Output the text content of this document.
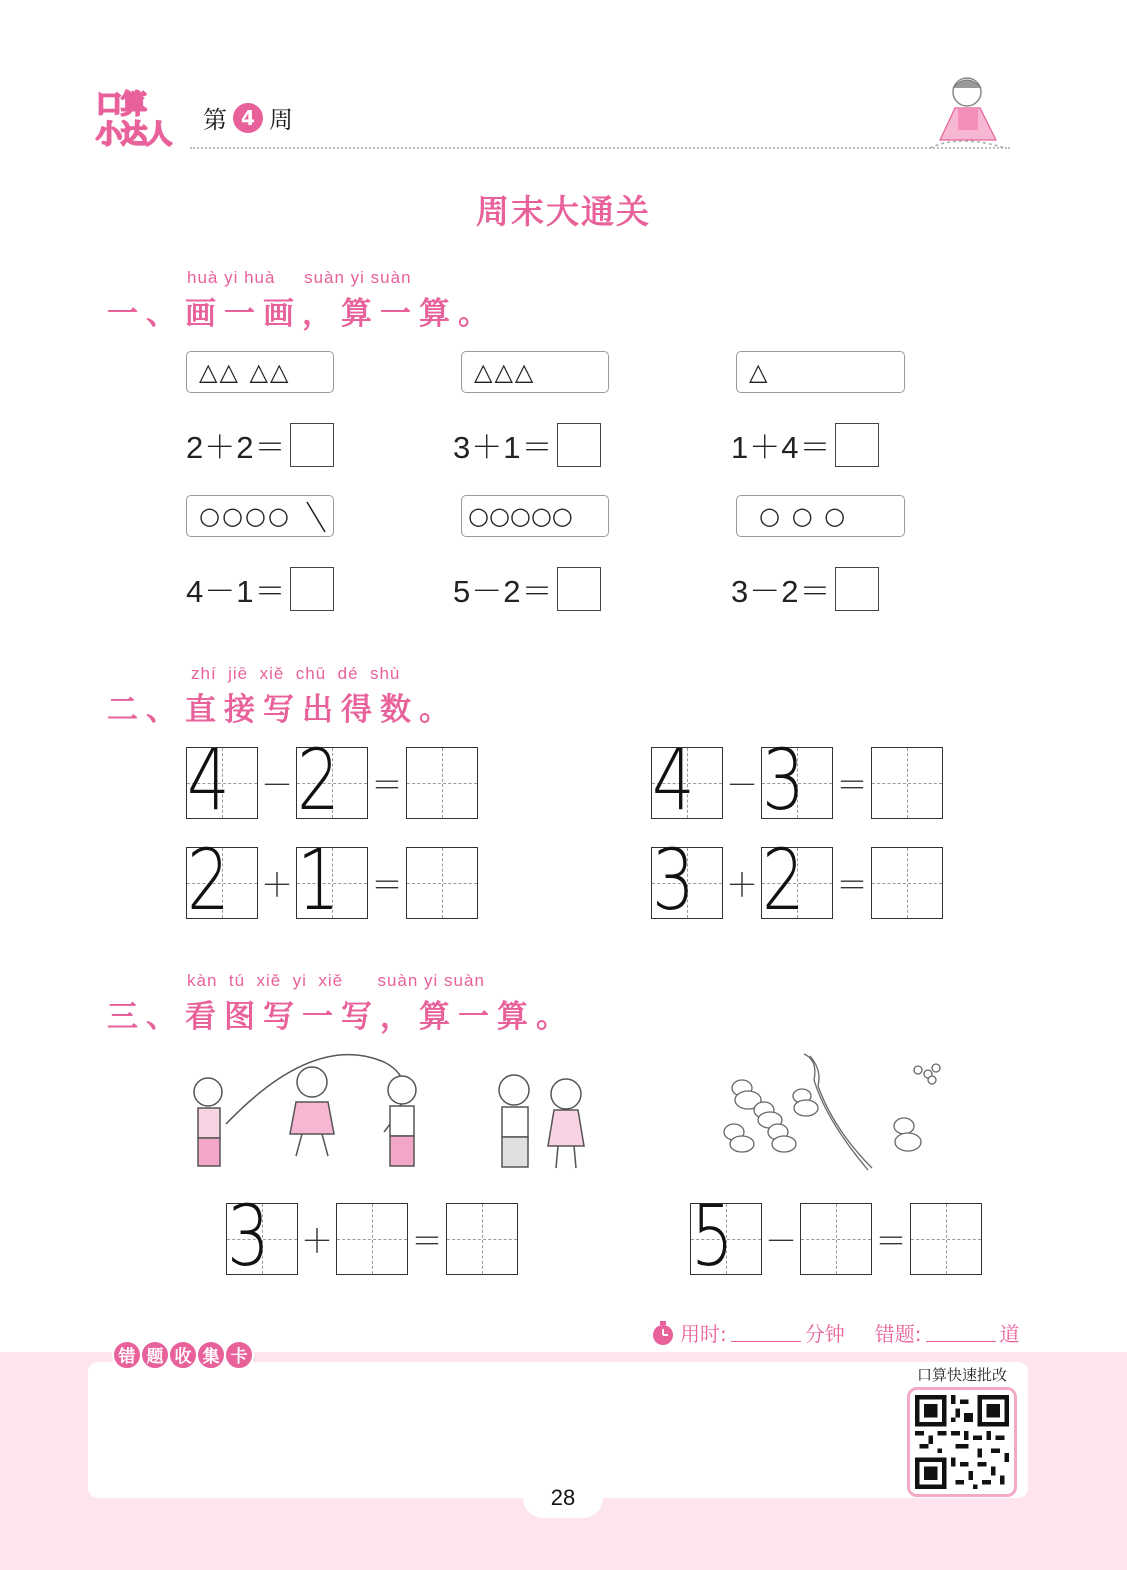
口算
小达人 第 4 周
周末大通关
huà yi huà     suàn yi suàn
一、画一画，算一算。
△△ △△	△△△	△
2＋2＝	3＋1＝	1＋4＝
○○○○	○○○○○	○ ○ ○
4－1＝	5－2＝	3－2＝
zhí  jiē  xiě  chū  dé  shù
二、直接写出得数。
4 － 2 ＝	4 － 3 ＝
2 ＋ 1 ＝	3 ＋ 2 ＝
kàn  tú  xiě  yi  xiě      suàn yi suàn
三、看图写一写，算一算。
3 ＋ ＝	5 － ＝
用时:	分钟 错题:	道
错 题 收 集 卡
口算快速批改
28
